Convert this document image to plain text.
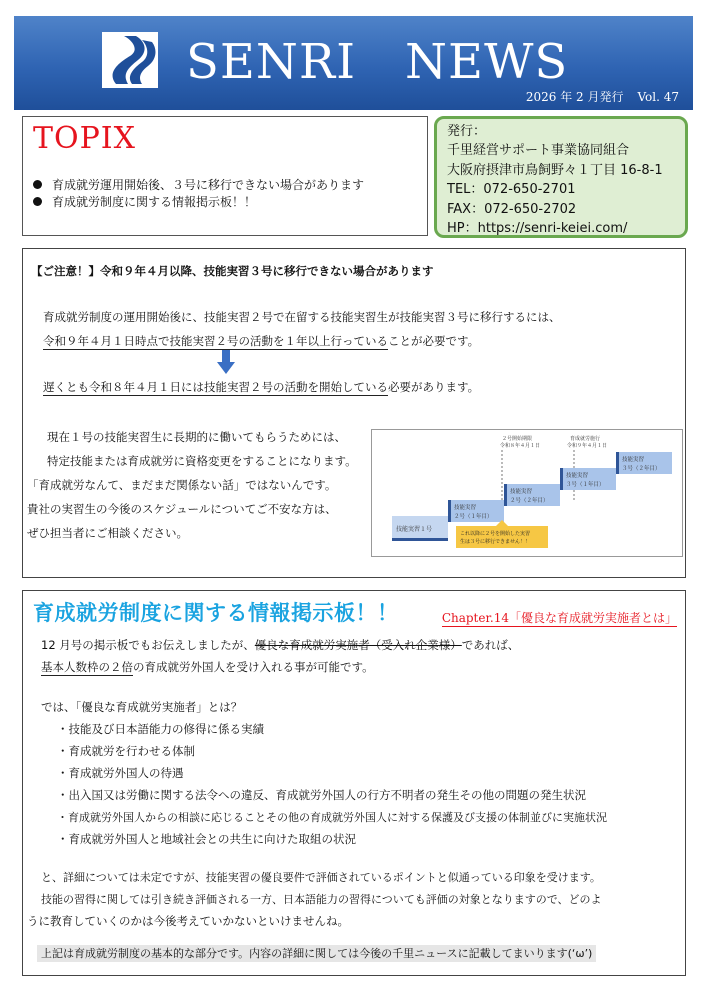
SENRI　NEWS
2026 年 2 月発行 Vol. 47
TOPIX
育成就労運用開始後、３号に移行できない場合があります
育成就労制度に関する情報掲示板！！
発行：
千里経営サポート事業協同組合
大阪府摂津市鳥飼野々１丁目 16-8-1
TEL：072-650-2701
FAX：072-650-2702
HP：https://senri-keiei.com/
【ご注意！】令和９年４月以降、技能実習３号に移行できない場合があります
育成就労制度の運用開始後に、技能実習２号で在留する技能実習生が技能実習３号に移行するには、
令和９年４月１日時点で技能実習２号の活動を１年以上行っていることが必要です。
遅くとも令和８年４月１日には技能実習２号の活動を開始している必要があります。
現在１号の技能実習生に長期的に働いてもらうためには、
特定技能または育成就労に資格変更をすることになります。
「育成就労なんて、まだまだ関係ない話」ではないんです。
貴社の実習生の今後のスケジュールについてご不安な方は、
ぜひ担当者にご相談ください。
２号開始期限
令和８年４月１日
育成就労施行
令和９年４月１日
技能実習１号
技能実習
２号（１年目）
技能実習
２号（２年目）
技能実習
３号（１年目）
技能実習
３号（２年目）
これ以降に２号を開始した実習
生は３号に移行できません！！
育成就労制度に関する情報掲示板！！	Chapter.14「優良な育成就労実施者とは」
12 月号の掲示板でもお伝えしましたが、優良な育成就労実施者（受入れ企業様）であれば、
基本人数枠の２倍の育成就労外国人を受け入れる事が可能です。
では、「優良な育成就労実施者」とは？
・技能及び日本語能力の修得に係る実績
・育成就労を行わせる体制
・育成就労外国人の待遇
・出入国又は労働に関する法令への違反、育成就労外国人の行方不明者の発生その他の問題の発生状況
・育成就労外国人からの相談に応じることその他の育成就労外国人に対する保護及び支援の体制並びに実施状況
・育成就労外国人と地域社会との共生に向けた取組の状況
と、詳細については未定ですが、技能実習の優良要件で評価されているポイントと似通っている印象を受けます。
技能の習得に関しては引き続き評価される一方、日本語能力の習得についても評価の対象となりますので、どのよ
うに教育していくのかは今後考えていかないといけませんね。
上記は育成就労制度の基本的な部分です。内容の詳細に関しては今後の千里ニュースに記載してまいります(‘ω’)
